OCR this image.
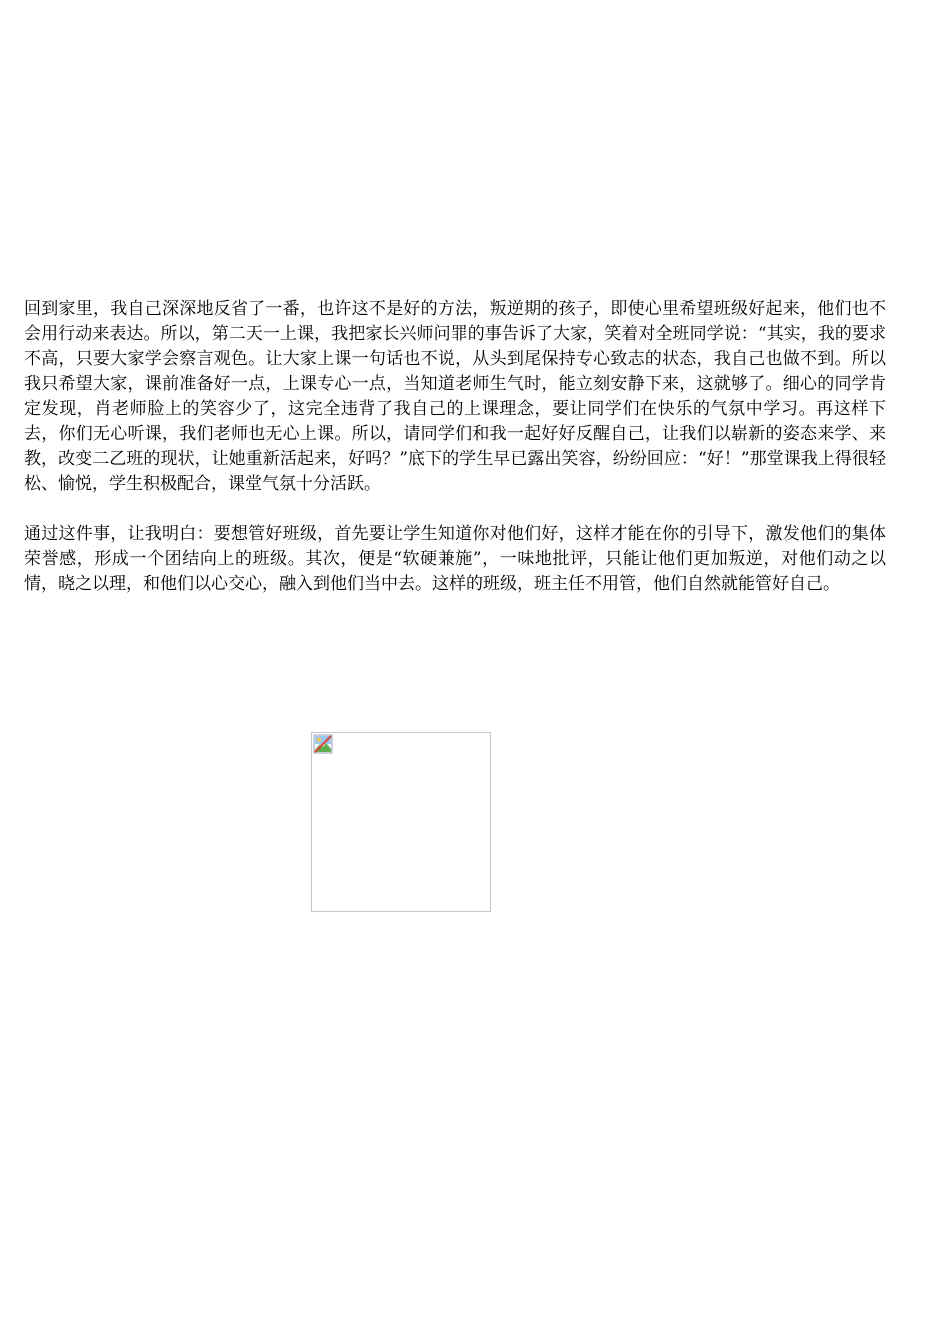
回到家里，我自己深深地反省了一番，也许这不是好的方法，叛逆期的孩子，即使心里希望班级好起来，他们也不会用行动来表达。所以，第二天一上课，我把家长兴师问罪的事告诉了大家，笑着对全班同学说：“其实，我的要求不高，只要大家学会察言观色。让大家上课一句话也不说，从头到尾保持专心致志的状态，我自己也做不到。所以我只希望大家，课前准备好一点，上课专心一点，当知道老师生气时，能立刻安静下来，这就够了。细心的同学肯定发现，肖老师脸上的笑容少了，这完全违背了我自己的上课理念，要让同学们在快乐的气氛中学习。再这样下去，你们无心听课，我们老师也无心上课。所以，请同学们和我一起好好反醒自己，让我们以崭新的姿态来学、来教，改变二乙班的现状，让她重新活起来，好吗？”底下的学生早已露出笑容，纷纷回应：“好！”那堂课我上得很轻松、愉悦，学生积极配合，课堂气氛十分活跃。

通过这件事，让我明白：要想管好班级，首先要让学生知道你对他们好，这样才能在你的引导下，激发他们的集体荣誉感，形成一个团结向上的班级。其次，便是“软硬兼施”，一味地批评，只能让他们更加叛逆，对他们动之以情，晓之以理，和他们以心交心，融入到他们当中去。这样的班级，班主任不用管，他们自然就能管好自己。
